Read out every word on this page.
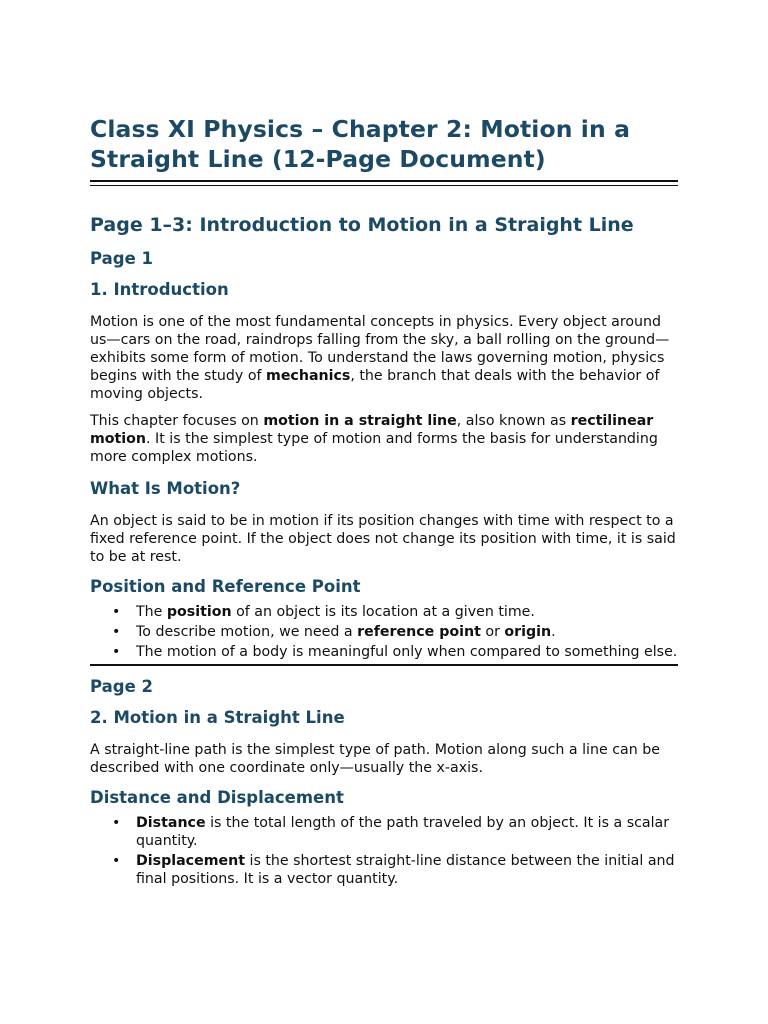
Class XI Physics – Chapter 2: Motion in a Straight Line (12-Page Document)
Page 1–3: Introduction to Motion in a Straight Line
Page 1
1. Introduction

Motion is one of the most fundamental concepts in physics. Every object around us—cars on the road, raindrops falling from the sky, a ball rolling on the ground—exhibits some form of motion. To understand the laws governing motion, physics begins with the study of mechanics, the branch that deals with the behavior of moving objects.

This chapter focuses on motion in a straight line, also known as rectilinear motion. It is the simplest type of motion and forms the basis for understanding more complex motions.

What Is Motion?

An object is said to be in motion if its position changes with time with respect to a fixed reference point. If the object does not change its position with time, it is said to be at rest.

Position and Reference Point
• The position of an object is its location at a given time.
• To describe motion, we need a reference point or origin.
• The motion of a body is meaningful only when compared to something else.
Page 2
2. Motion in a Straight Line

A straight-line path is the simplest type of path. Motion along such a line can be described with one coordinate only—usually the x-axis.

Distance and Displacement
• Distance is the total length of the path traveled by an object. It is a scalar quantity.
• Displacement is the shortest straight-line distance between the initial and final positions. It is a vector quantity.
